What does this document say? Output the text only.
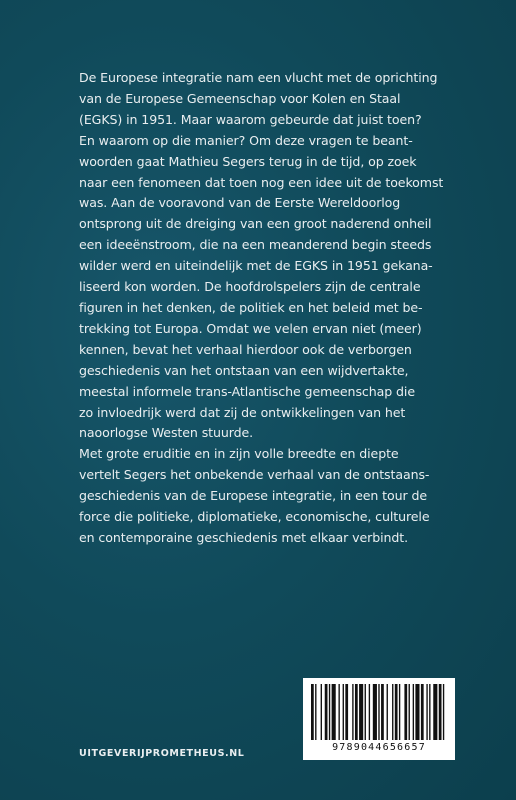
De Europese integratie nam een vlucht met de oprichting
van de Europese Gemeenschap voor Kolen en Staal
(EGKS) in 1951. Maar waarom gebeurde dat juist toen?
En waarom op die manier? Om deze vragen te beant-
woorden gaat Mathieu Segers terug in de tijd, op zoek
naar een fenomeen dat toen nog een idee uit de toekomst
was. Aan de vooravond van de Eerste Wereldoorlog
ontsprong uit de dreiging van een groot naderend onheil
een ideeënstroom, die na een meanderend begin steeds
wilder werd en uiteindelijk met de EGKS in 1951 gekana-
liseerd kon worden. De hoofdrolspelers zijn de centrale
figuren in het denken, de politiek en het beleid met be-
trekking tot Europa. Omdat we velen ervan niet (meer)
kennen, bevat het verhaal hierdoor ook de verborgen
geschiedenis van het ontstaan van een wijdvertakte,
meestal informele trans-Atlantische gemeenschap die
zo invloedrijk werd dat zij de ontwikkelingen van het
naoorlogse Westen stuurde.
Met grote eruditie en in zijn volle breedte en diepte
vertelt Segers het onbekende verhaal van de ontstaans-
geschiedenis van de Europese integratie, in een tour de
force die politieke, diplomatieke, economische, culturele
en contemporaine geschiedenis met elkaar verbindt.
UITGEVERIJPROMETHEUS.NL
9789044656657
